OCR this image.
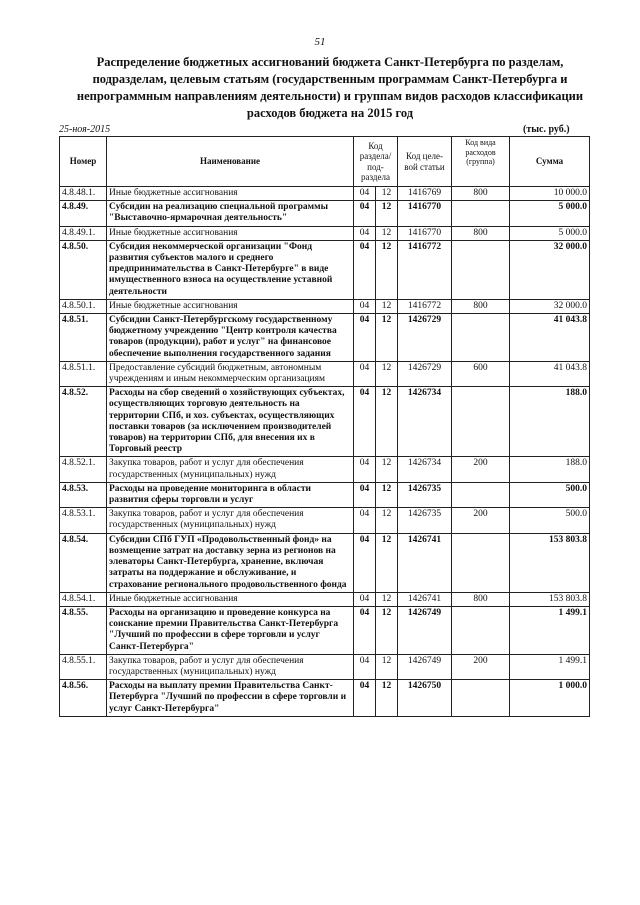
51
Распределение бюджетных ассигнований бюджета Санкт-Петербурга по разделам, подразделам, целевым статьям (государственным программам Санкт-Петербурга и непрограммным направлениям деятельности) и группам видов расходов классификации расходов бюджета на 2015 год
25-ноя-2015	(тыс. руб.)
Номер	Наименование	Код раздела/ под- раздела		Код целе- вой статьи	Код вида расходов (группа)	Сумма
4.8.48.1.	Иные бюджетные ассигнования	04	12	1416769	800	10 000.0
4.8.49.	Субсидии на реализацию специальной программы "Выставочно-ярмарочная деятельность"	04	12	1416770		5 000.0
4.8.49.1.	Иные бюджетные ассигнования	04	12	1416770	800	5 000.0
4.8.50.	Субсидия некоммерческой организации "Фонд развития субъектов малого и среднего предпринимательства в Санкт-Петербурге" в виде имущественного взноса на осуществление уставной деятельности	04	12	1416772		32 000.0
4.8.50.1.	Иные бюджетные ассигнования	04	12	1416772	800	32 000.0
4.8.51.	Субсидии Санкт-Петербургскому государственному бюджетному учреждению "Центр контроля качества товаров (продукции), работ и услуг" на финансовое обеспечение выполнения государственного задания	04	12	1426729		41 043.8
4.8.51.1.	Предоставление субсидий бюджетным, автономным учреждениям и иным некоммерческим организациям	04	12	1426729	600	41 043.8
4.8.52.	Расходы на сбор сведений о хозяйствующих субъектах, осуществляющих торговую деятельность на территории СПб, и хоз. субъектах, осуществляющих поставки товаров (за исключением производителей товаров) на территории СПб, для внесения их в Торговый реестр	04	12	1426734		188.0
4.8.52.1.	Закупка товаров, работ и услуг для обеспечения государственных (муниципальных) нужд	04	12	1426734	200	188.0
4.8.53.	Расходы на проведение мониторинга в области развития сферы торговли и услуг	04	12	1426735		500.0
4.8.53.1.	Закупка товаров, работ и услуг для обеспечения государственных (муниципальных) нужд	04	12	1426735	200	500.0
4.8.54.	Субсидии СПб ГУП «Продовольственный фонд» на возмещение затрат на доставку зерна из регионов на элеваторы Санкт-Петербурга, хранение, включая затраты на поддержание и обслуживание, и страхование регионального продовольственного фонда	04	12	1426741		153 803.8
4.8.54.1.	Иные бюджетные ассигнования	04	12	1426741	800	153 803.8
4.8.55.	Расходы на организацию и проведение конкурса на соискание премии Правительства Санкт-Петербурга "Лучший по профессии в сфере торговли и услуг Санкт-Петербурга"	04	12	1426749		1 499.1
4.8.55.1.	Закупка товаров, работ и услуг для обеспечения государственных (муниципальных) нужд	04	12	1426749	200	1 499.1
4.8.56.	Расходы на выплату премии Правительства Санкт-Петербурга "Лучший по профессии в сфере торговли и услуг Санкт-Петербурга"	04	12	1426750		1 000.0
